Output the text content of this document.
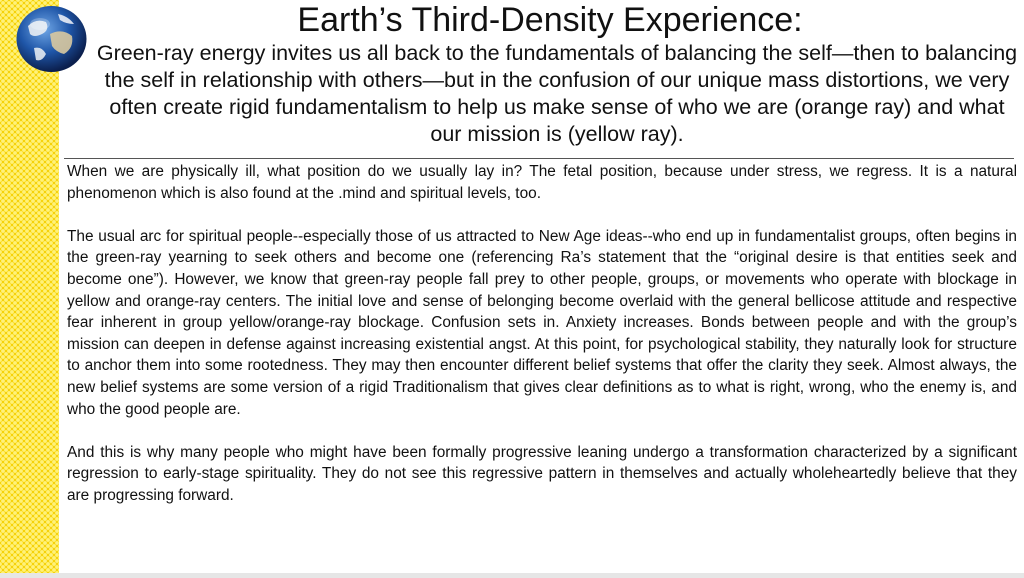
Earth’s Third-Density Experience:
Green-ray energy invites us all back to the fundamentals of balancing the self—then to balancing the self in relationship with others—but in the confusion of our unique mass distortions, we very often create rigid fundamentalism to help us make sense of who we are (orange ray) and what our mission is (yellow ray).

When we are physically ill, what position do we usually lay in? The fetal position, because under stress, we regress. It is a natural phenomenon which is also found at the .mind and spiritual levels, too.

The usual arc for spiritual people--especially those of us attracted to New Age ideas--who end up in fundamentalist groups, often begins in the green-ray yearning to seek others and become one (referencing Ra’s statement that the “original desire is that entities seek and become one”). However, we know that green-ray people fall prey to other people, groups, or movements who operate with blockage in yellow and orange-ray centers. The initial love and sense of belonging become overlaid with the general bellicose attitude and respective fear inherent in group yellow/orange-ray blockage. Confusion sets in. Anxiety increases. Bonds between people and with the group’s mission can deepen in defense against increasing existential angst. At this point, for psychological stability, they naturally look for structure to anchor them into some rootedness. They may then encounter different belief systems that offer the clarity they seek. Almost always, the new belief systems are some version of a rigid Traditionalism that gives clear definitions as to what is right, wrong, who the enemy is, and who the good people are.

And this is why many people who might have been formally progressive leaning undergo a transformation characterized by a significant regression to early-stage spirituality. They do not see this regressive pattern in themselves and actually wholeheartedly believe that they are progressing forward.
